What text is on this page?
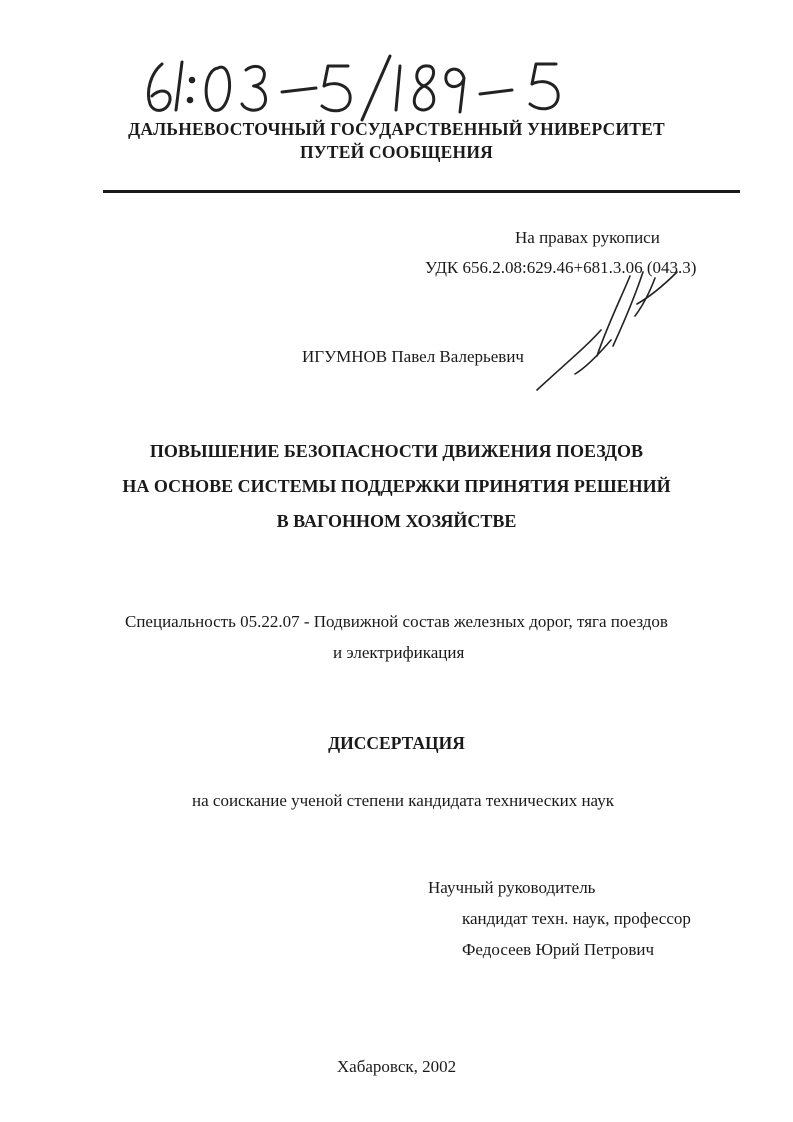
ДАЛЬНЕВОСТОЧНЫЙ ГОСУДАРСТВЕННЫЙ УНИВЕРСИТЕТ
ПУТЕЙ СООБЩЕНИЯ
На правах рукописи
УДК 656.2.08:629.46+681.3.06 (043.3)
ИГУМНОВ Павел Валерьевич
ПОВЫШЕНИЕ БЕЗОПАСНОСТИ ДВИЖЕНИЯ ПОЕЗДОВ
НА ОСНОВЕ СИСТЕМЫ ПОДДЕРЖКИ ПРИНЯТИЯ РЕШЕНИЙ
В ВАГОННОМ ХОЗЯЙСТВЕ
Специальность 05.22.07 - Подвижной состав железных дорог, тяга поездов
и электрификация
ДИССЕРТАЦИЯ
на соискание ученой степени кандидата технических наук
Научный руководитель
кандидат техн. наук, профессор
Федосеев Юрий Петрович
Хабаровск, 2002
